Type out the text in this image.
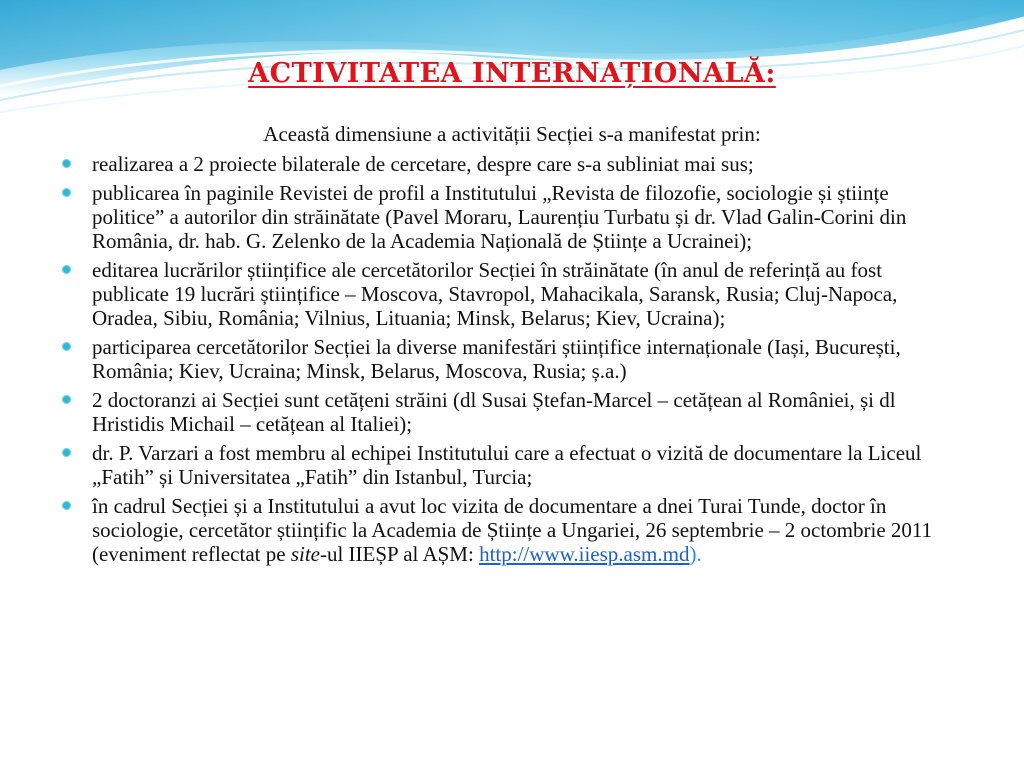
ACTIVITATEA INTERNAȚIONALĂ:

Această dimensiune a activității Secției s-a manifestat prin:

realizarea a 2 proiecte bilaterale de cercetare, despre care s-a subliniat mai sus;
publicarea în paginile Revistei de profil a Institutului „Revista de filozofie, sociologie și științe politice” a autorilor din străinătate (Pavel Moraru, Laurențiu Turbatu și dr. Vlad Galin-Corini din România, dr. hab. G. Zelenko de la Academia Națională de Științe a Ucrainei);
editarea lucrărilor științifice ale cercetătorilor Secției în străinătate (în anul de referință au fost publicate 19 lucrări științifice – Moscova, Stavropol, Mahacikala, Saransk, Rusia; Cluj-Napoca, Oradea, Sibiu, România; Vilnius, Lituania; Minsk, Belarus; Kiev, Ucraina);
participarea cercetătorilor Secției la diverse manifestări științifice internaționale (Iași, București, România; Kiev, Ucraina; Minsk, Belarus, Moscova, Rusia; ș.a.)
2 doctoranzi ai Secției sunt cetățeni străini (dl Susai Ștefan-Marcel – cetățean al României, și dl Hristidis Michail – cetățean al Italiei);
dr. P. Varzari a fost membru al echipei Institutului care a efectuat o vizită de documentare la Liceul „Fatih” și Universitatea „Fatih” din Istanbul, Turcia;
în cadrul Secției și a Institutului a avut loc vizita de documentare a dnei Turai Tunde, doctor în sociologie, cercetător științific la Academia de Științe a Ungariei, 26 septembrie – 2 octombrie 2011 (eveniment reflectat pe site-ul IIEȘP al AȘM: http://www.iiesp.asm.md).
